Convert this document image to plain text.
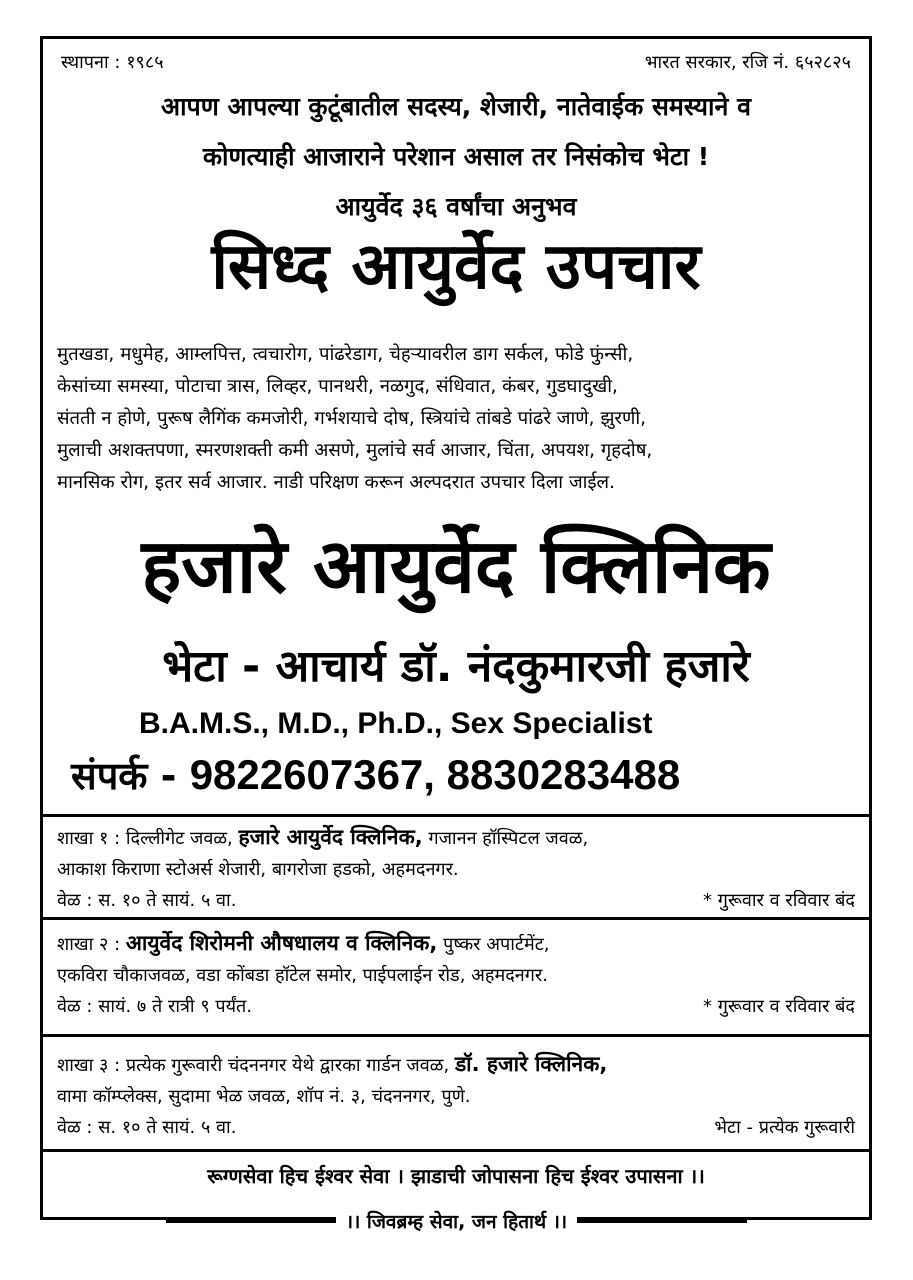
स्थापना : १९८५	भारत सरकार, रजि नं. ६५२८२५
आपण आपल्या कुटूंबातील सदस्य, शेजारी, नातेवाईक समस्याने व
कोणत्याही आजाराने परेशान असाल तर निसंकोच भेटा !
आयुर्वेद ३६ वर्षांचा अनुभव
सिध्द आयुर्वेद उपचार
मुतखडा, मधुमेह, आम्लपित्त, त्वचारोग, पांढरेडाग, चेहऱ्यावरील डाग सर्कल, फोडे फुंन्सी,
केसांच्या समस्या, पोटाचा त्रास, लिव्हर, पानथरी, नळगुद, संधिवात, कंबर, गुडघादुखी,
संतती न होणे, पुरूष लैगिंक कमजोरी, गर्भशयाचे दोष, स्त्रियांचे तांबडे पांढरे जाणे, झुरणी,
मुलाची अशक्तपणा, स्मरणशक्ती कमी असणे, मुलांचे सर्व आजार, चिंता, अपयश, गृहदोष,
मानसिक रोग, इतर सर्व आजार. नाडी परिक्षण करून अल्पदरात उपचार दिला जाईल.
हजारे आयुर्वेद क्लिनिक
भेटा - आचार्य डॉ. नंदकुमारजी हजारे
B.A.M.S., M.D., Ph.D., Sex Specialist
संपर्क - 9822607367, 8830283488
शाखा १ : दिल्लीगेट जवळ, हजारे आयुर्वेद क्लिनिक, गजानन हॉस्पिटल जवळ,
आकाश किराणा स्टोअर्स शेजारी, बागरोजा हडको, अहमदनगर.
वेळ : स. १० ते सायं. ५ वा.	* गुरूवार व रविवार बंद
शाखा २ : आयुर्वेद शिरोमनी औषधालय व क्लिनिक, पुष्कर अपार्टमेंट,
एकविरा चौकाजवळ, वडा कोंबडा हॉटेल समोर, पाईपलाईन रोड, अहमदनगर.
वेळ : सायं. ७ ते रात्री ९ पर्यंत.	* गुरूवार व रविवार बंद
शाखा ३ : प्रत्येक गुरूवारी चंदननगर येथे द्वारका गार्डन जवळ, डॉ. हजारे क्लिनिक,
वामा कॉम्प्लेक्स, सुदामा भेळ जवळ, शॉप नं. ३, चंदननगर, पुणे.
वेळ : स. १० ते सायं. ५ वा.	भेटा - प्रत्येक गुरूवारी
रूग्णसेवा हिच ईश्वर सेवा । झाडाची जोपासना हिच ईश्वर उपासना ।।
।। जिवब्रम्ह सेवा, जन हितार्थ ।।
